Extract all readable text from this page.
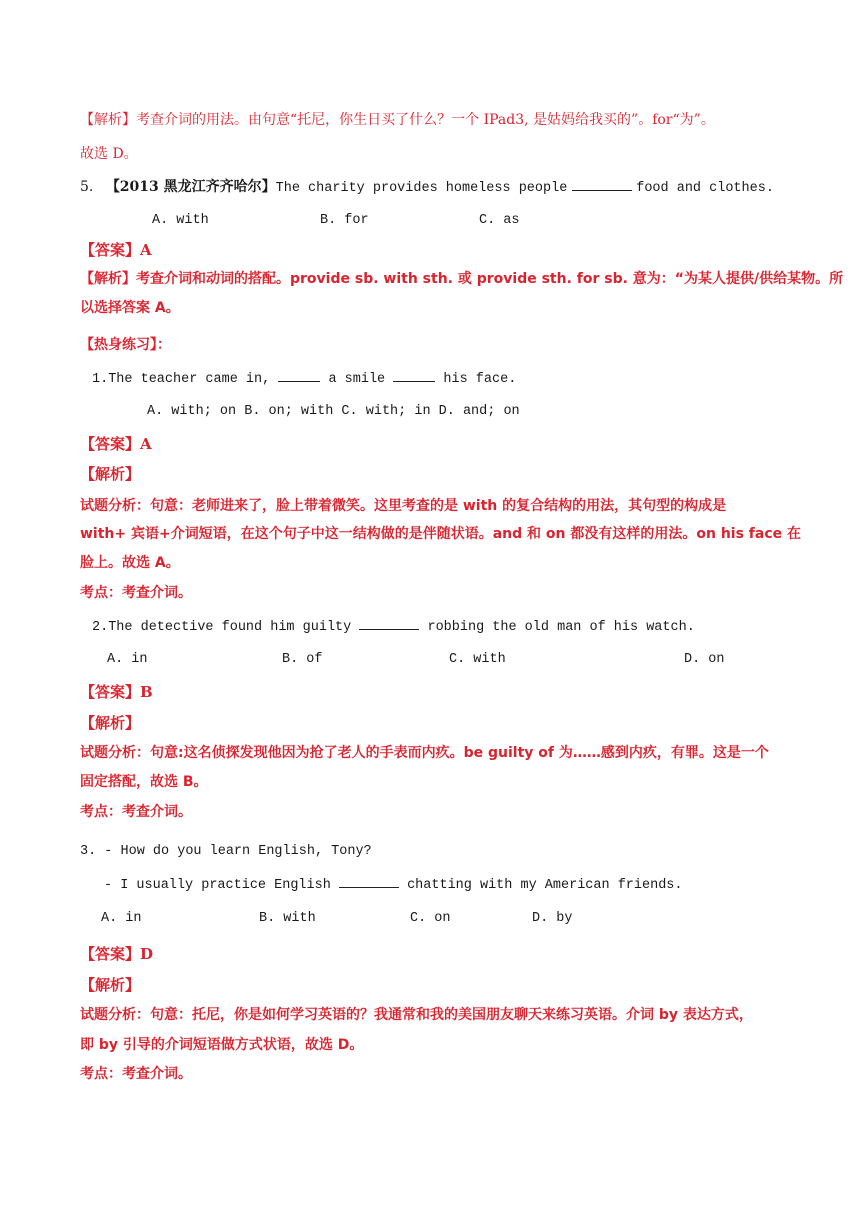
【解析】考查介词的用法。由句意“托尼，你生日买了什么？一个 IPad3, 是姑妈给我买的”。for“为”。
故选 D。
5. 【2013 黑龙江齐齐哈尔】The charity provides homeless people	food and clothes.
A. with	B. for	C. as
【答案】A
【解析】考查介词和动词的搭配。provide sb. with sth. 或 provide sth. for sb. 意为：“为某人提供/供给某物。所
以选择答案 A。
【热身练习】：
1.The teacher came in,	a smile	his face.
A. with; on B. on; with C. with; in D. and; on
【答案】A
【解析】
试题分析：句意：老师进来了，脸上带着微笑。这里考查的是 with 的复合结构的用法，其句型的构成是
with+ 宾语+介词短语，在这个句子中这一结构做的是伴随状语。and 和 on 都没有这样的用法。on his face 在
脸上。故选 A。
考点：考查介词。
2.The detective found him guilty	robbing the old man of his watch.
A. in	B. of	C. with	D. on
【答案】B
【解析】
试题分析：句意:这名侦探发现他因为抢了老人的手表而内疚。be guilty of 为……感到内疚，有罪。这是一个
固定搭配，故选 B。
考点：考查介词。
3. - How do you learn English, Tony?
- I usually practice English	chatting with my American friends.
A. in	B. with	C. on	D. by
【答案】D
【解析】
试题分析：句意：托尼，你是如何学习英语的？我通常和我的美国朋友聊天来练习英语。介词 by 表达方式，
即 by 引导的介词短语做方式状语，故选 D。
考点：考查介词。
